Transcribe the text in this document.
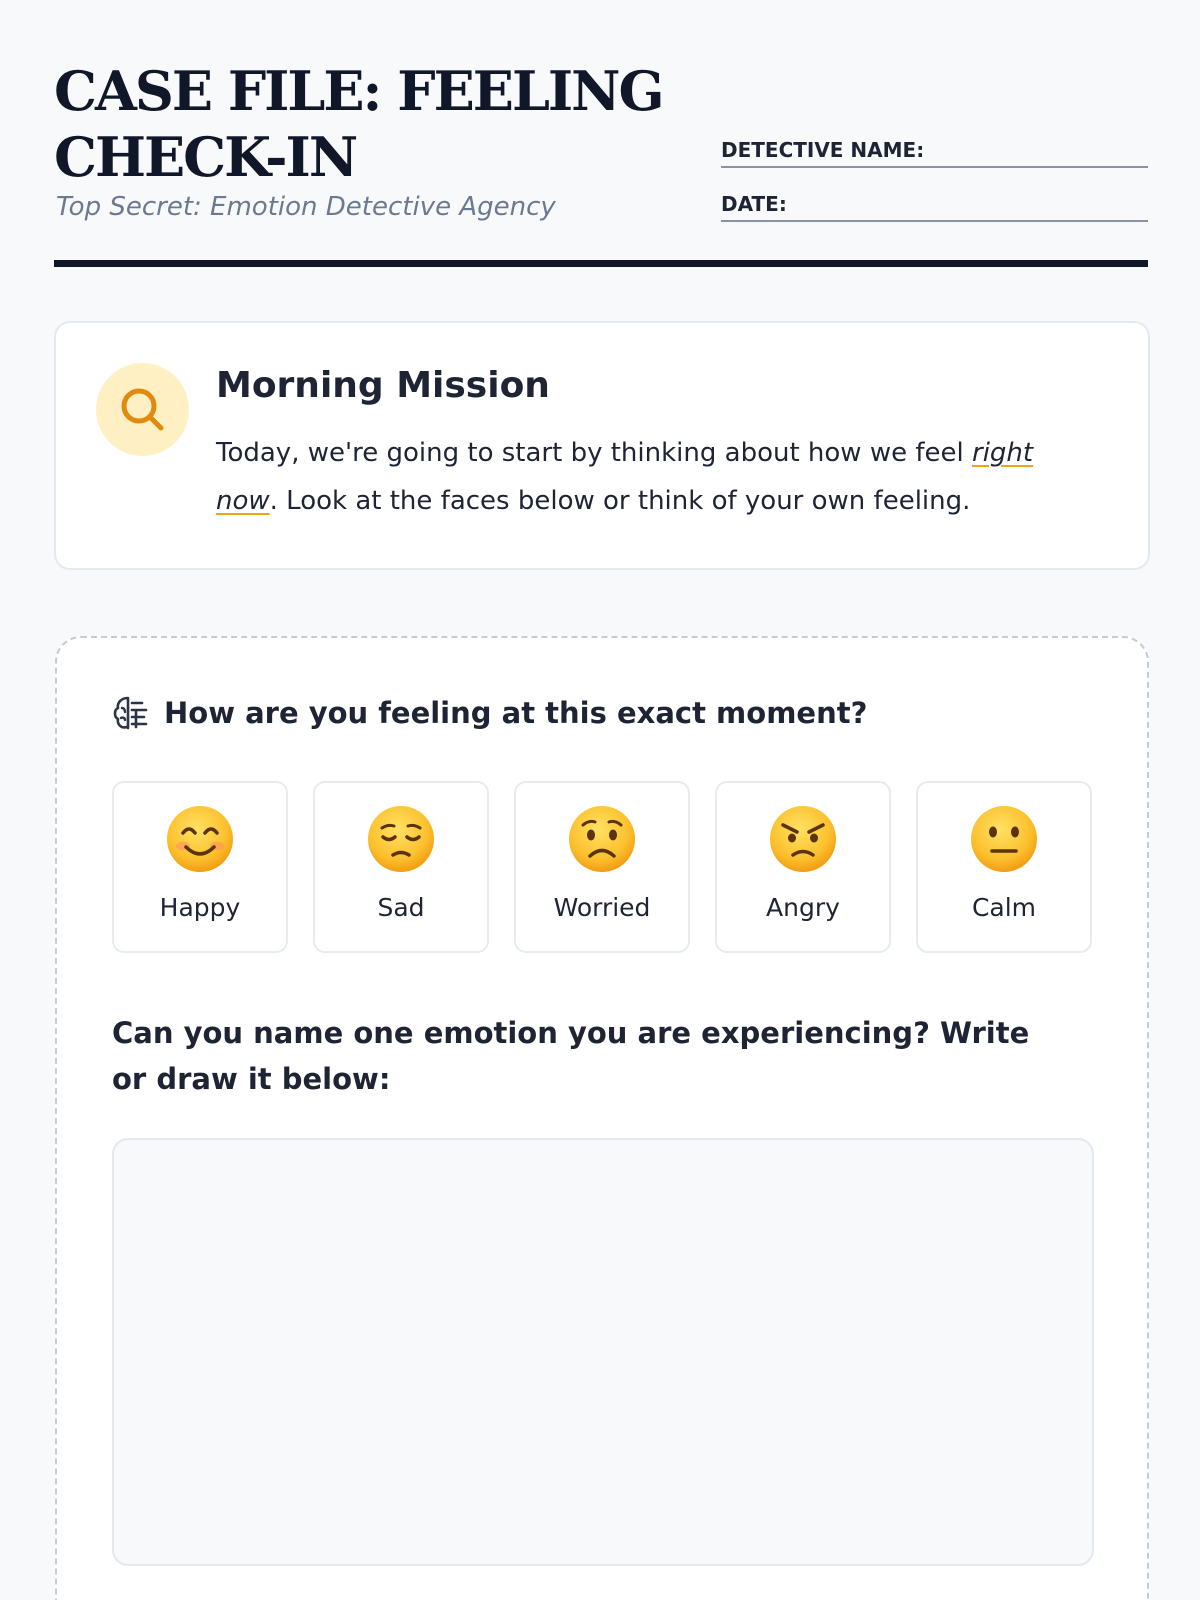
CASE FILE: FEELING CHECK-IN

Top Secret: Emotion Detective Agency

DETECTIVE NAME:
DATE:
Morning Mission

Today, we're going to start by thinking about how we feel right now. Look at the faces below or think of your own feeling.

How are you feeling at this exact moment?
Happy	Sad	Worried	Angry	Calm

Can you name one emotion you are experiencing? Write or draw it below:
